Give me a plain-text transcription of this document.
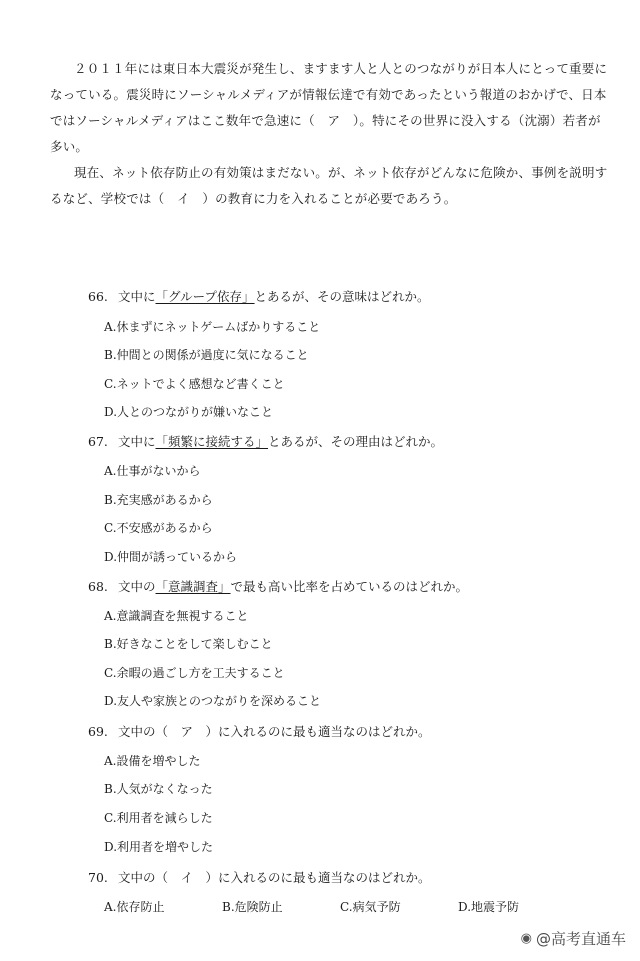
２０１１年には東日本大震災が発生し、ますます人と人とのつながりが日本人にとって重要になっている。震災時にソーシャルメディアが情報伝達で有効であったという報道のおかげで、日本ではソーシャルメディアはここ数年で急速に（　ア　）。特にその世界に没入する（沈溺）若者が多い。

現在、ネット依存防止の有効策はまだない。が、ネット依存がどんなに危険か、事例を説明するなど、学校では（　イ　）の教育に力を入れることが必要であろう。

66. 文中に「グループ依存」とあるが、その意味はどれか。
A.休まずにネットゲームばかりすること
B.仲間との関係が過度に気になること
C.ネットでよく感想など書くこと
D.人とのつながりが嫌いなこと
67. 文中に「頻繁に接続する」とあるが、その理由はどれか。
A.仕事がないから
B.充実感があるから
C.不安感があるから
D.仲間が誘っているから
68. 文中の「意識調査」で最も高い比率を占めているのはどれか。
A.意識調査を無視すること
B.好きなことをして楽しむこと
C.余暇の過ごし方を工夫すること
D.友人や家族とのつながりを深めること
69. 文中の（　ア　）に入れるのに最も適当なのはどれか。
A.設備を増やした
B.人気がなくなった
C.利用者を減らした
D.利用者を増やした
70. 文中の（　イ　）に入れるのに最も適当なのはどれか。
A.依存防止	B.危険防止	C.病気予防	D.地震予防
◉ @高考直通车
